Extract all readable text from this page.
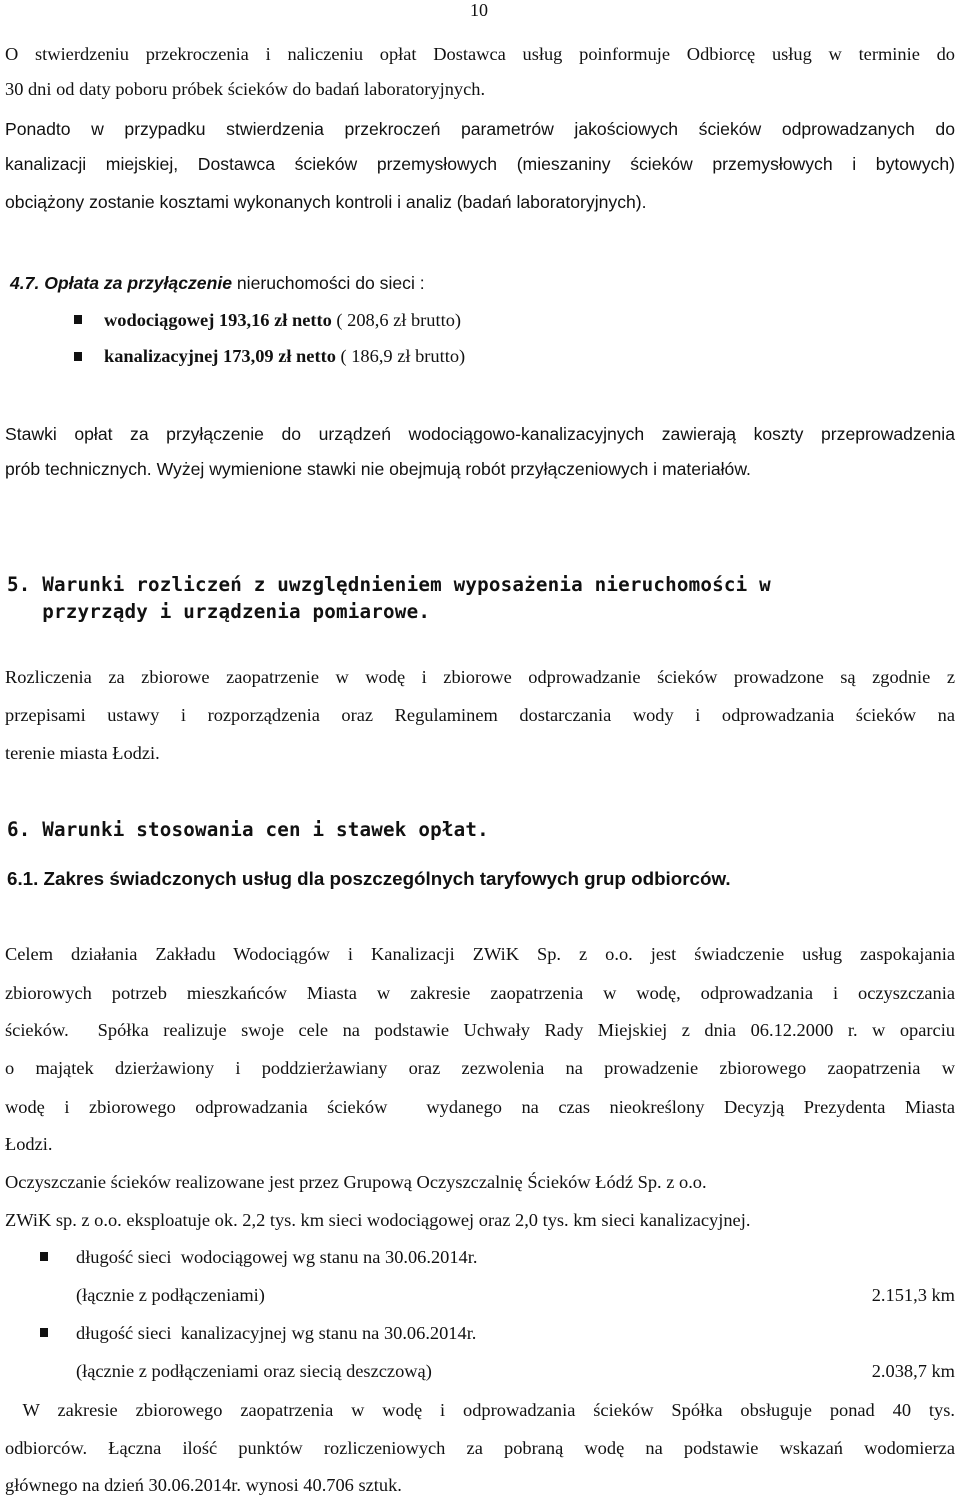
10
O stwierdzeniu przekroczenia i naliczeniu opłat Dostawca usług poinformuje Odbiorcę usług w terminie do
30 dni od daty poboru próbek ścieków do badań laboratoryjnych.
Ponadto w przypadku stwierdzenia przekroczeń parametrów jakościowych ścieków odprowadzanych do
kanalizacji miejskiej, Dostawca ścieków przemysłowych (mieszaniny ścieków przemysłowych i bytowych)
obciążony zostanie kosztami wykonanych kontroli i analiz (badań laboratoryjnych).
4.7. Opłata za przyłączenie nieruchomości do sieci :
wodociągowej 193,16 zł netto ( 208,6 zł brutto)
kanalizacyjnej 173,09 zł netto ( 186,9 zł brutto)
Stawki opłat za przyłączenie do urządzeń wodociągowo-kanalizacyjnych zawierają koszty przeprowadzenia
prób technicznych. Wyżej wymienione stawki nie obejmują robót przyłączeniowych i materiałów.
5. Warunki rozliczeń z uwzględnieniem wyposażenia nieruchomości w
przyrządy i urządzenia pomiarowe.
Rozliczenia za zbiorowe zaopatrzenie w wodę i zbiorowe odprowadzanie ścieków prowadzone są zgodnie z
przepisami ustawy i rozporządzenia oraz Regulaminem dostarczania wody i odprowadzania ścieków na
terenie miasta Łodzi.
6. Warunki stosowania cen i stawek opłat.
6.1. Zakres świadczonych usług dla poszczególnych taryfowych grup odbiorców.
Celem działania Zakładu Wodociągów i Kanalizacji ZWiK Sp. z o.o. jest świadczenie usług zaspokajania
zbiorowych potrzeb mieszkańców Miasta w zakresie zaopatrzenia w wodę, odprowadzania i oczyszczania
ścieków.  Spółka realizuje swoje cele na podstawie Uchwały Rady Miejskiej z dnia 06.12.2000 r. w oparciu
o majątek dzierżawiony i poddzierżawiany oraz zezwolenia na prowadzenie zbiorowego zaopatrzenia w
wodę i zbiorowego odprowadzania ścieków  wydanego na czas nieokreślony Decyzją Prezydenta Miasta
Łodzi.
Oczyszczanie ścieków realizowane jest przez Grupową Oczyszczalnię Ścieków Łódź Sp. z o.o.
ZWiK sp. z o.o. eksploatuje ok. 2,2 tys. km sieci wodociągowej oraz 2,0 tys. km sieci kanalizacyjnej.
długość sieci  wodociągowej wg stanu na 30.06.2014r.
(łącznie z podłączeniami)	2.151,3 km
długość sieci  kanalizacyjnej wg stanu na 30.06.2014r.
(łącznie z podłączeniami oraz siecią deszczową)	2.038,7 km
W zakresie zbiorowego zaopatrzenia w wodę i odprowadzania ścieków Spółka obsługuje ponad 40 tys.
odbiorców. Łączna ilość punktów rozliczeniowych za pobraną wodę na podstawie wskazań wodomierza
głównego na dzień 30.06.2014r. wynosi 40.706 sztuk.
